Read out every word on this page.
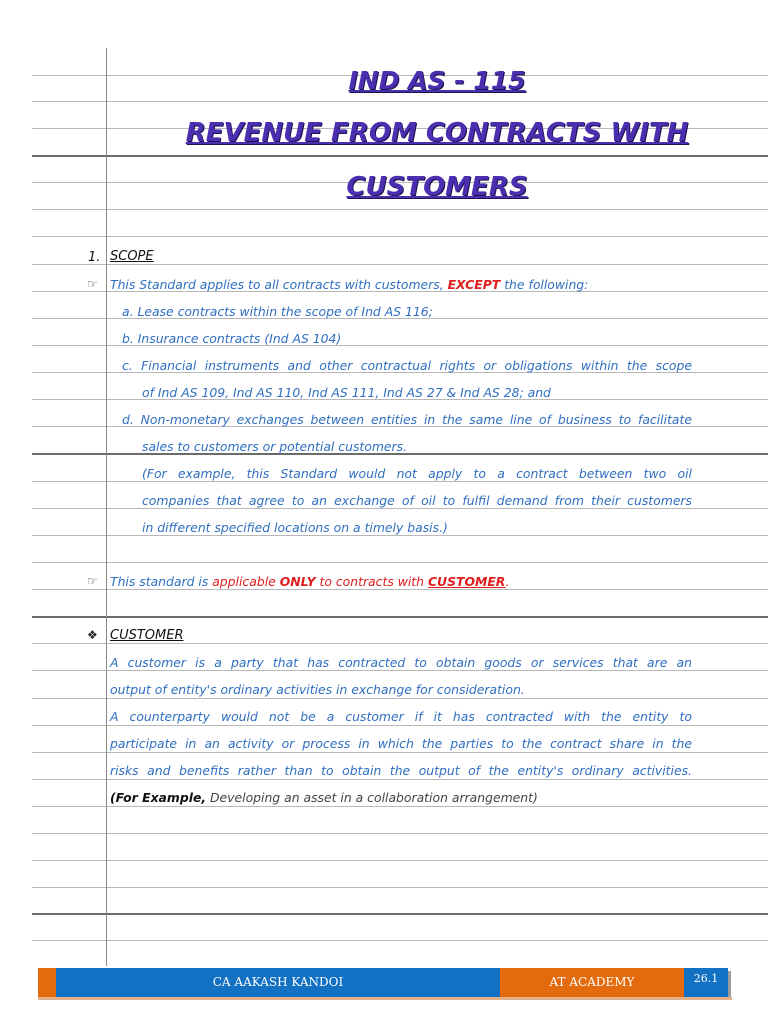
IND AS - 115
REVENUE FROM CONTRACTS WITH
CUSTOMERS
1. SCOPE
☞ This Standard applies to all contracts with customers, EXCEPT the following:
a. Lease contracts within the scope of Ind AS 116;
b. Insurance contracts (Ind AS 104)
c. Financial instruments and other contractual rights or obligations within the scope
of Ind AS 109, Ind AS 110, Ind AS 111, Ind AS 27 & Ind AS 28; and
d. Non-monetary exchanges between entities in the same line of business to facilitate
sales to customers or potential customers.
(For example, this Standard would not apply to a contract between two oil
companies that agree to an exchange of oil to fulfil demand from their customers
in different specified locations on a timely basis.)
☞ This standard is applicable ONLY to contracts with CUSTOMER.
❖ CUSTOMER
A customer is a party that has contracted to obtain goods or services that are an
output of entity's ordinary activities in exchange for consideration.
A counterparty would not be a customer if it has contracted with the entity to
participate in an activity or process in which the parties to the contract share in the
risks and benefits rather than to obtain the output of the entity's ordinary activities.
(For Example, Developing an asset in a collaboration arrangement)
CA AAKASH KANDOI	AT ACADEMY	26.1
